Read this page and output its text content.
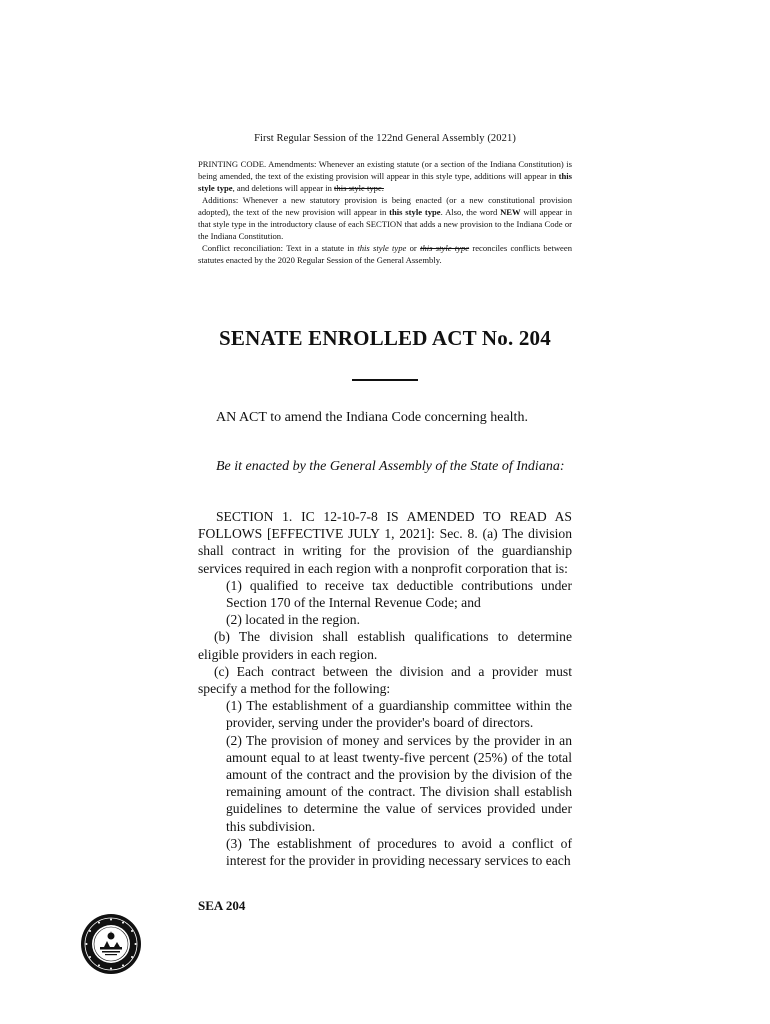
First Regular Session of the 122nd General Assembly (2021)

PRINTING CODE. Amendments: Whenever an existing statute (or a section of the Indiana Constitution) is being amended, the text of the existing provision will appear in this style type, additions will appear in this style type, and deletions will appear in this style type.

Additions: Whenever a new statutory provision is being enacted (or a new constitutional provision adopted), the text of the new provision will appear in this style type. Also, the word NEW will appear in that style type in the introductory clause of each SECTION that adds a new provision to the Indiana Code or the Indiana Constitution.

Conflict reconciliation: Text in a statute in this style type or this style type reconciles conflicts between statutes enacted by the 2020 Regular Session of the General Assembly.

SENATE ENROLLED ACT No. 204
AN ACT to amend the Indiana Code concerning health.
Be it enacted by the General Assembly of the State of Indiana:

SECTION 1. IC 12-10-7-8 IS AMENDED TO READ AS FOLLOWS [EFFECTIVE JULY 1, 2021]: Sec. 8. (a) The division shall contract in writing for the provision of the guardianship services required in each region with a nonprofit corporation that is:

(1) qualified to receive tax deductible contributions under Section 170 of the Internal Revenue Code; and

(2) located in the region.

(b) The division shall establish qualifications to determine eligible providers in each region.

(c) Each contract between the division and a provider must specify a method for the following:

(1) The establishment of a guardianship committee within the provider, serving under the provider's board of directors.

(2) The provision of money and services by the provider in an amount equal to at least twenty-five percent (25%) of the total amount of the contract and the provision by the division of the remaining amount of the contract. The division shall establish guidelines to determine the value of services provided under this subdivision.

(3) The establishment of procedures to avoid a conflict of interest for the provider in providing necessary services to each

SEA 204
